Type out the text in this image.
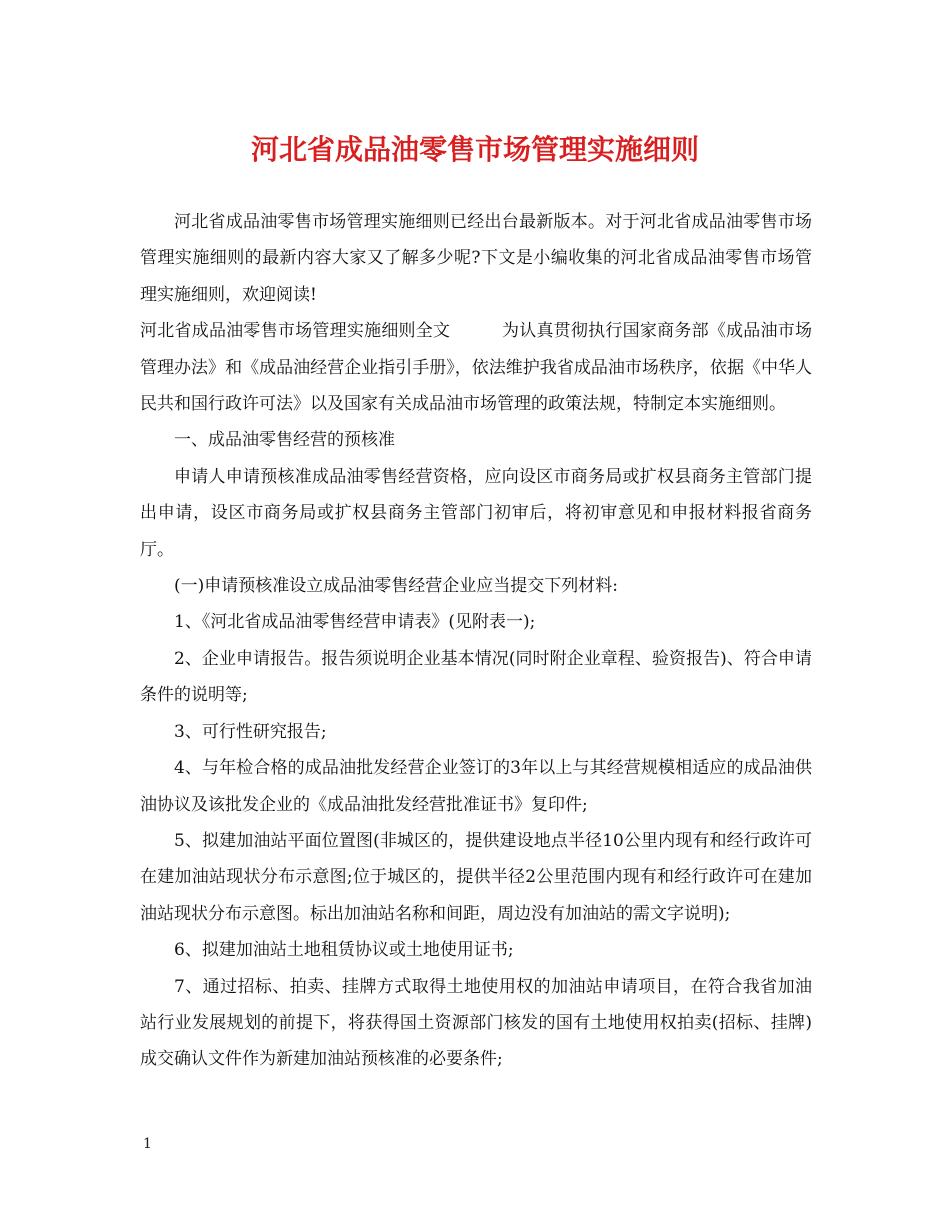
河北省成品油零售市场管理实施细则

河北省成品油零售市场管理实施细则已经出台最新版本。对于河北省成品油零售市场管理实施细则的最新内容大家又了解多少呢?下文是小编收集的河北省成品油零售市场管理实施细则，欢迎阅读!

河北省成品油零售市场管理实施细则全文　　　为认真贯彻执行国家商务部《成品油市场管理办法》和《成品油经营企业指引手册》，依法维护我省成品油市场秩序，依据《中华人民共和国行政许可法》以及国家有关成品油市场管理的政策法规，特制定本实施细则。

一、成品油零售经营的预核准

申请人申请预核准成品油零售经营资格，应向设区市商务局或扩权县商务主管部门提出申请，设区市商务局或扩权县商务主管部门初审后，将初审意见和申报材料报省商务厅。

(一)申请预核准设立成品油零售经营企业应当提交下列材料:

1、《河北省成品油零售经营申请表》(见附表一);

2、企业申请报告。报告须说明企业基本情况(同时附企业章程、验资报告)、符合申请条件的说明等;

3、可行性研究报告;

4、与年检合格的成品油批发经营企业签订的3年以上与其经营规模相适应的成品油供油协议及该批发企业的《成品油批发经营批准证书》复印件;

5、拟建加油站平面位置图(非城区的，提供建设地点半径10公里内现有和经行政许可在建加油站现状分布示意图;位于城区的，提供半径2公里范围内现有和经行政许可在建加油站现状分布示意图。标出加油站名称和间距，周边没有加油站的需文字说明);

6、拟建加油站土地租赁协议或土地使用证书;

7、通过招标、拍卖、挂牌方式取得土地使用权的加油站申请项目，在符合我省加油站行业发展规划的前提下，将获得国土资源部门核发的国有土地使用权拍卖(招标、挂牌)成交确认文件作为新建加油站预核准的必要条件;

1
